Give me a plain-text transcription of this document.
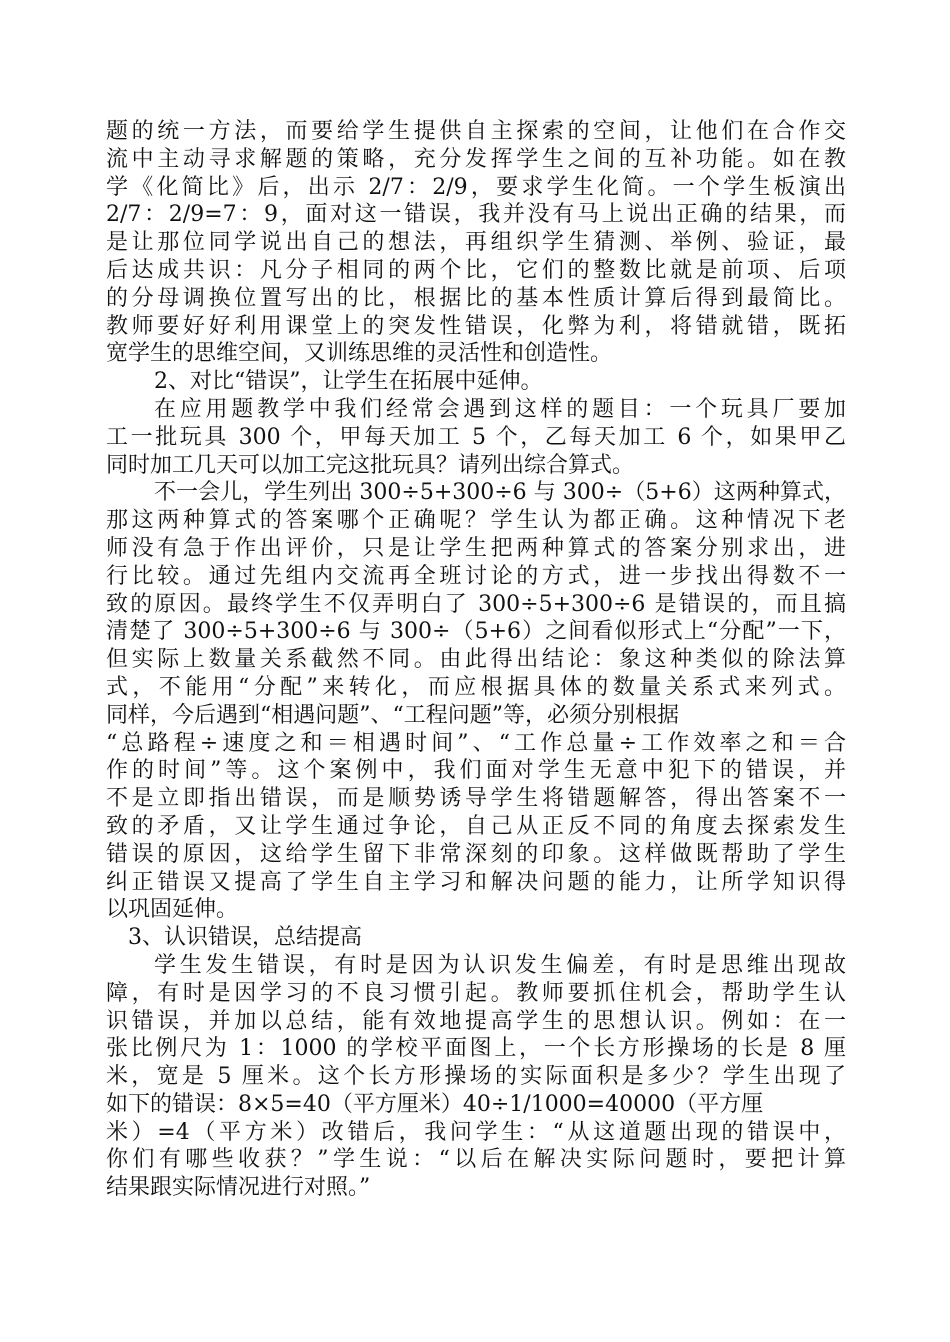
题的统一方法，而要给学生提供自主探索的空间，让他们在合作交
流中主动寻求解题的策略，充分发挥学生之间的互补功能。如在教
学《化简比》后，出示 2/7：2/9，要求学生化简。一个学生板演出
2/7：2/9=7：9，面对这一错误，我并没有马上说出正确的结果，而
是让那位同学说出自己的想法，再组织学生猜测、举例、验证，最
后达成共识：凡分子相同的两个比，它们的整数比就是前项、后项
的分母调换位置写出的比，根据比的基本性质计算后得到最简比。
教师要好好利用课堂上的突发性错误，化弊为利，将错就错，既拓
宽学生的思维空间，又训练思维的灵活性和创造性。
2、对比“错误”，让学生在拓展中延伸。
在应用题教学中我们经常会遇到这样的题目：一个玩具厂要加
工一批玩具 300 个，甲每天加工 5 个，乙每天加工 6 个，如果甲乙
同时加工几天可以加工完这批玩具？请列出综合算式。
不一会儿，学生列出 300÷5+300÷6 与 300÷（5+6）这两种算式，
那这两种算式的答案哪个正确呢？学生认为都正确。这种情况下老
师没有急于作出评价，只是让学生把两种算式的答案分别求出，进
行比较。通过先组内交流再全班讨论的方式，进一步找出得数不一
致的原因。最终学生不仅弄明白了 300÷5+300÷6 是错误的，而且搞
清楚了 300÷5+300÷6 与 300÷（5+6）之间看似形式上“分配”一下，
但实际上数量关系截然不同。由此得出结论：象这种类似的除法算
式，不能用“分配”来转化，而应根据具体的数量关系式来列式。
同样，今后遇到“相遇问题”、“工程问题”等，必须分别根据
“总路程÷速度之和＝相遇时间”、“工作总量÷工作效率之和＝合
作的时间”等。这个案例中，我们面对学生无意中犯下的错误，并
不是立即指出错误，而是顺势诱导学生将错题解答，得出答案不一
致的矛盾，又让学生通过争论，自己从正反不同的角度去探索发生
错误的原因，这给学生留下非常深刻的印象。这样做既帮助了学生
纠正错误又提高了学生自主学习和解决问题的能力，让所学知识得
以巩固延伸。
3、认识错误，总结提高
学生发生错误，有时是因为认识发生偏差，有时是思维出现故
障，有时是因学习的不良习惯引起。教师要抓住机会，帮助学生认
识错误，并加以总结，能有效地提高学生的思想认识。例如：在一
张比例尺为 1：1000 的学校平面图上，一个长方形操场的长是 8 厘
米，宽是 5 厘米。这个长方形操场的实际面积是多少？学生出现了
如下的错误：8×5=40（平方厘米）40÷1/1000=40000（平方厘
米）=4（平方米）改错后，我问学生：“从这道题出现的错误中，
你们有哪些收获？”学生说：“以后在解决实际问题时，要把计算
结果跟实际情况进行对照。”
